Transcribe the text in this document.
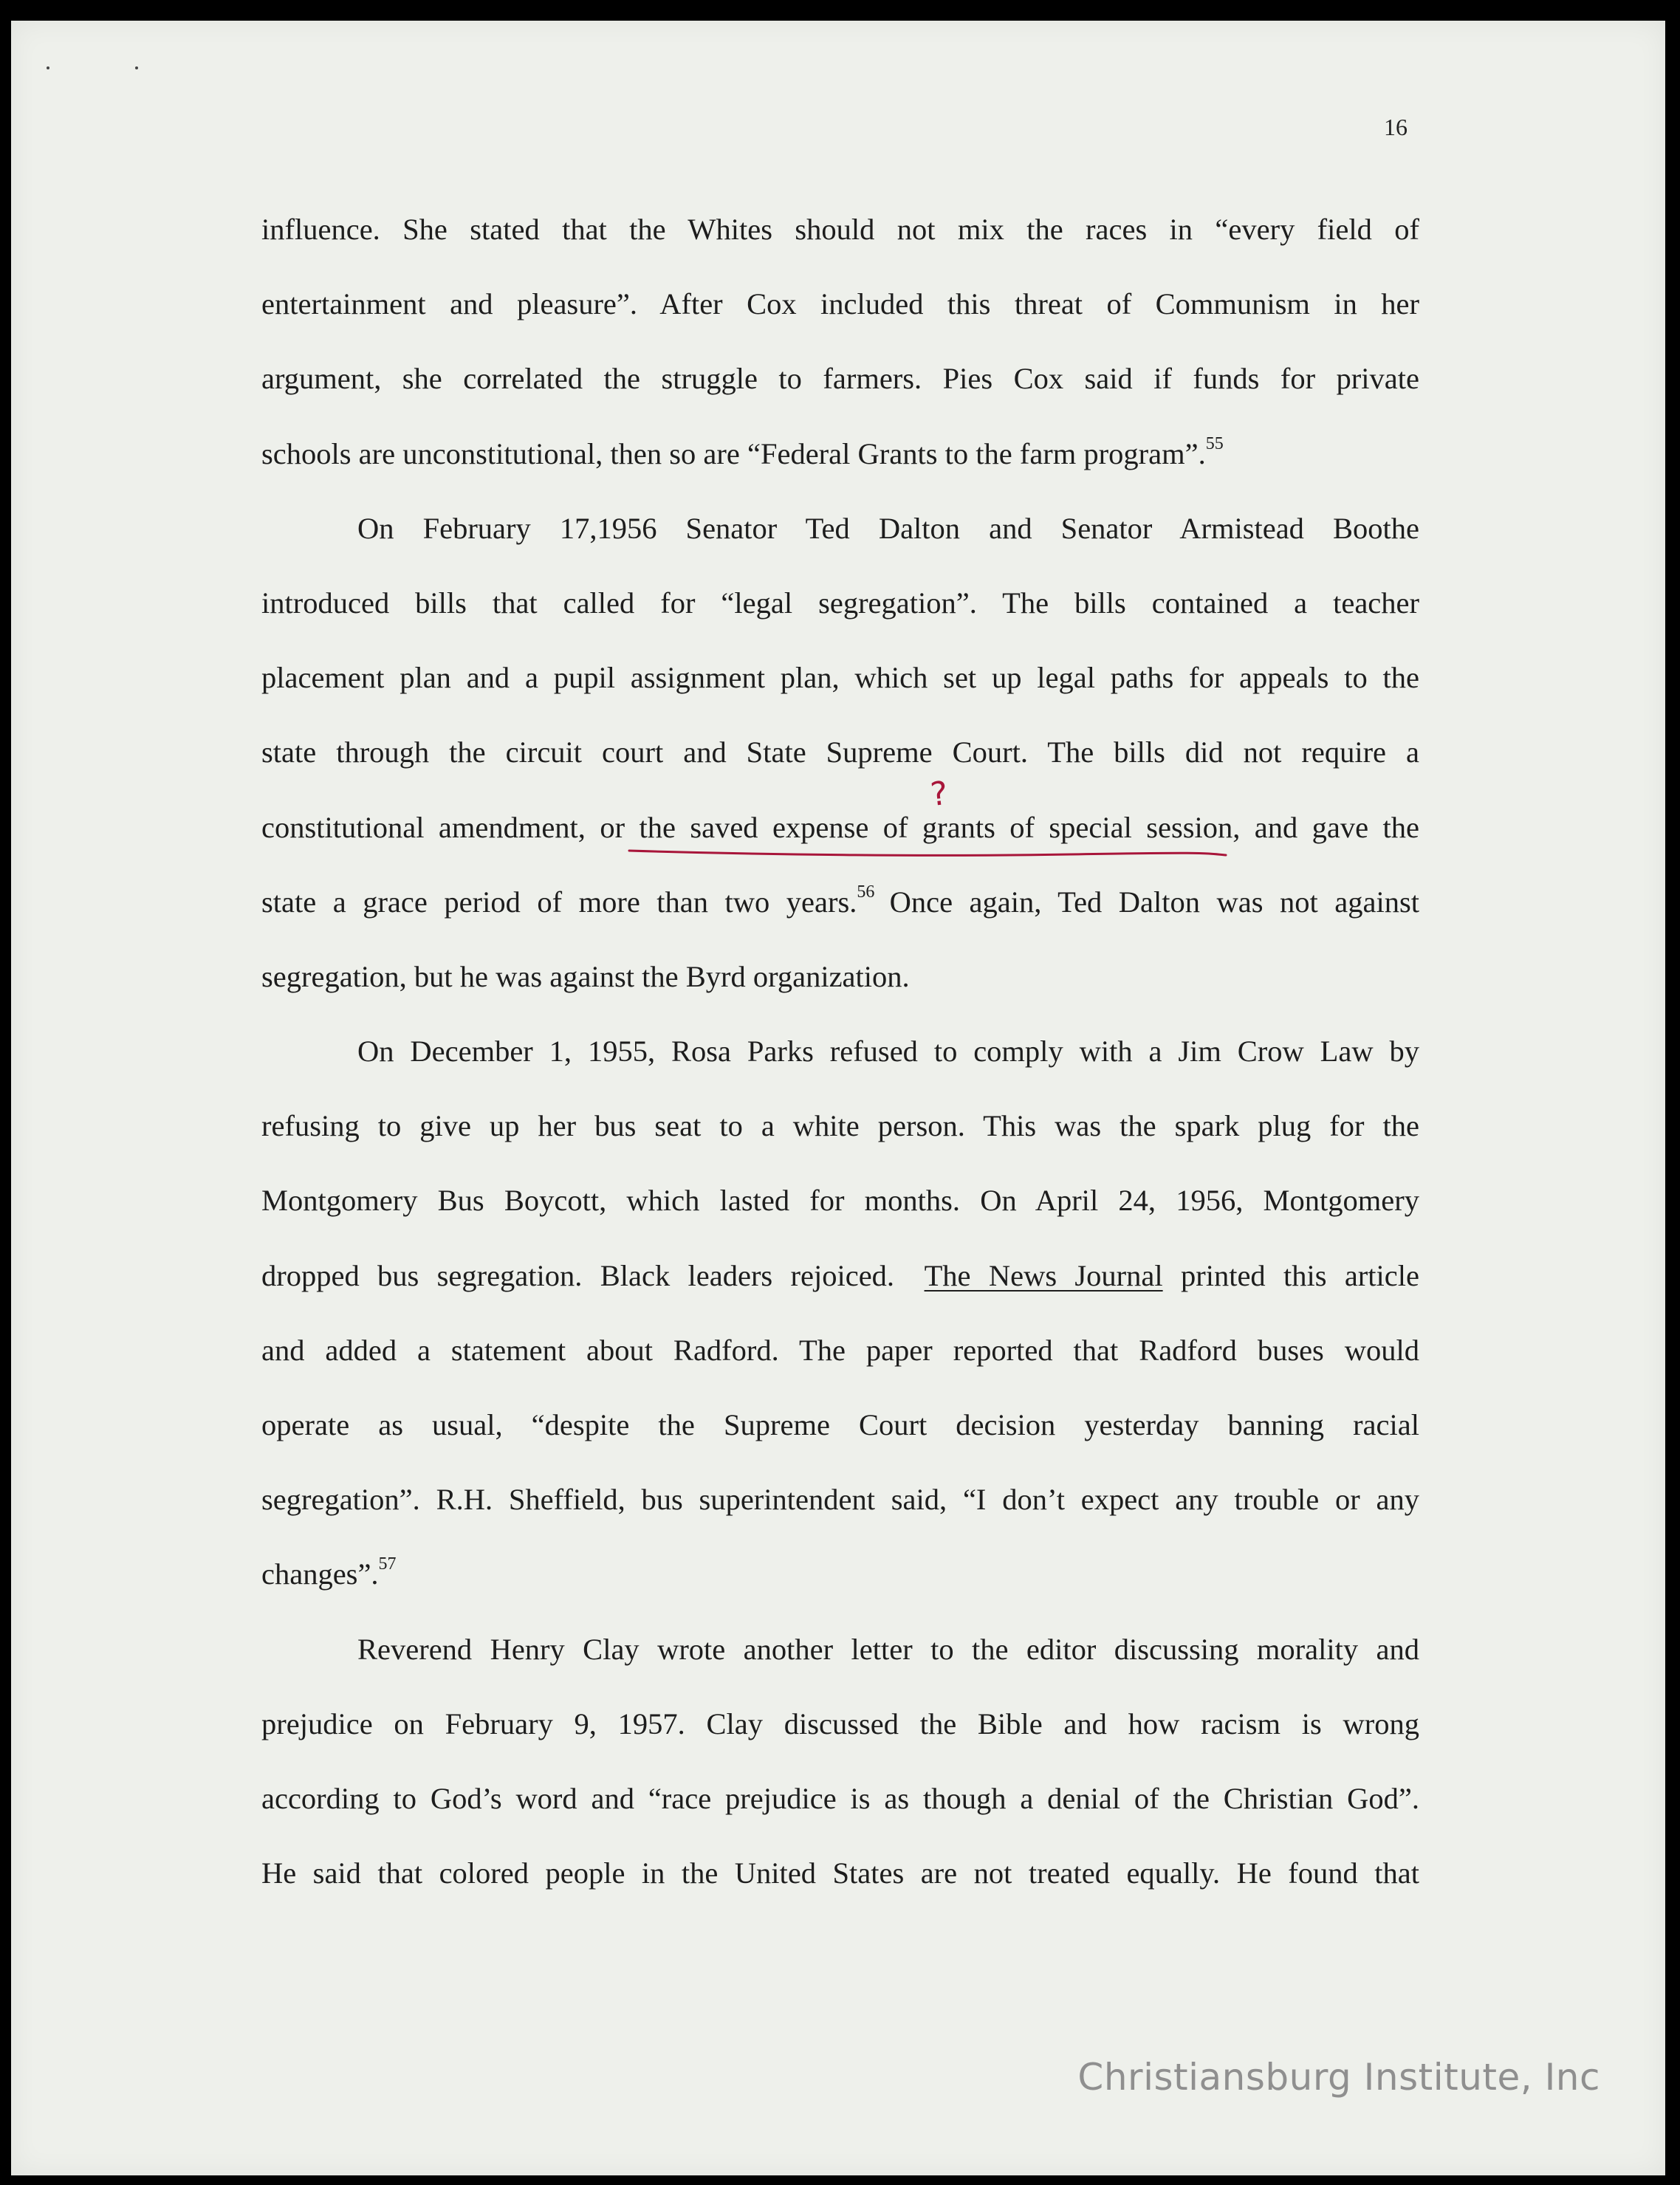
16
influence. She stated that the Whites should not mix the races in “every field of
entertainment and pleasure”. After Cox included this threat of Communism in her
argument, she correlated the struggle to farmers. Pies Cox said if funds for private
schools are unconstitutional, then so are “Federal Grants to the farm program”.$^{55}$
On February 17,1956 Senator Ted Dalton and Senator Armistead Boothe
introduced bills that called for “legal segregation”. The bills contained a teacher
placement plan and a pupil assignment plan, which set up legal paths for appeals to the
state through the circuit court and State Supreme Court. The bills did not require a
constitutional amendment, or the saved expense of grants of special session, and gave the
state a grace period of more than two years.$^{56}$  Once again, Ted Dalton was not against
segregation, but he was against the Byrd organization.
On December 1, 1955, Rosa Parks refused to comply with a Jim Crow Law by
refusing to give up her bus seat to a white person. This was the spark plug for the
Montgomery Bus Boycott, which lasted for months. On April 24, 1956, Montgomery
dropped bus segregation. Black leaders rejoiced.   The News Journal printed this article
and added a statement about Radford. The paper reported that Radford buses would
operate as usual, “despite the Supreme Court decision yesterday banning racial
segregation”. R.H. Sheffield, bus superintendent said, “I don’t expect any trouble or any
changes”.$^{57}$
Reverend Henry Clay wrote another letter to the editor discussing morality and
prejudice on February 9, 1957. Clay discussed the Bible and how racism is wrong
according to God’s word and “race prejudice is as though a denial of the Christian God”.
He said that colored people in the United States are not treated equally. He found that
?
Christiansburg Institute, Inc
